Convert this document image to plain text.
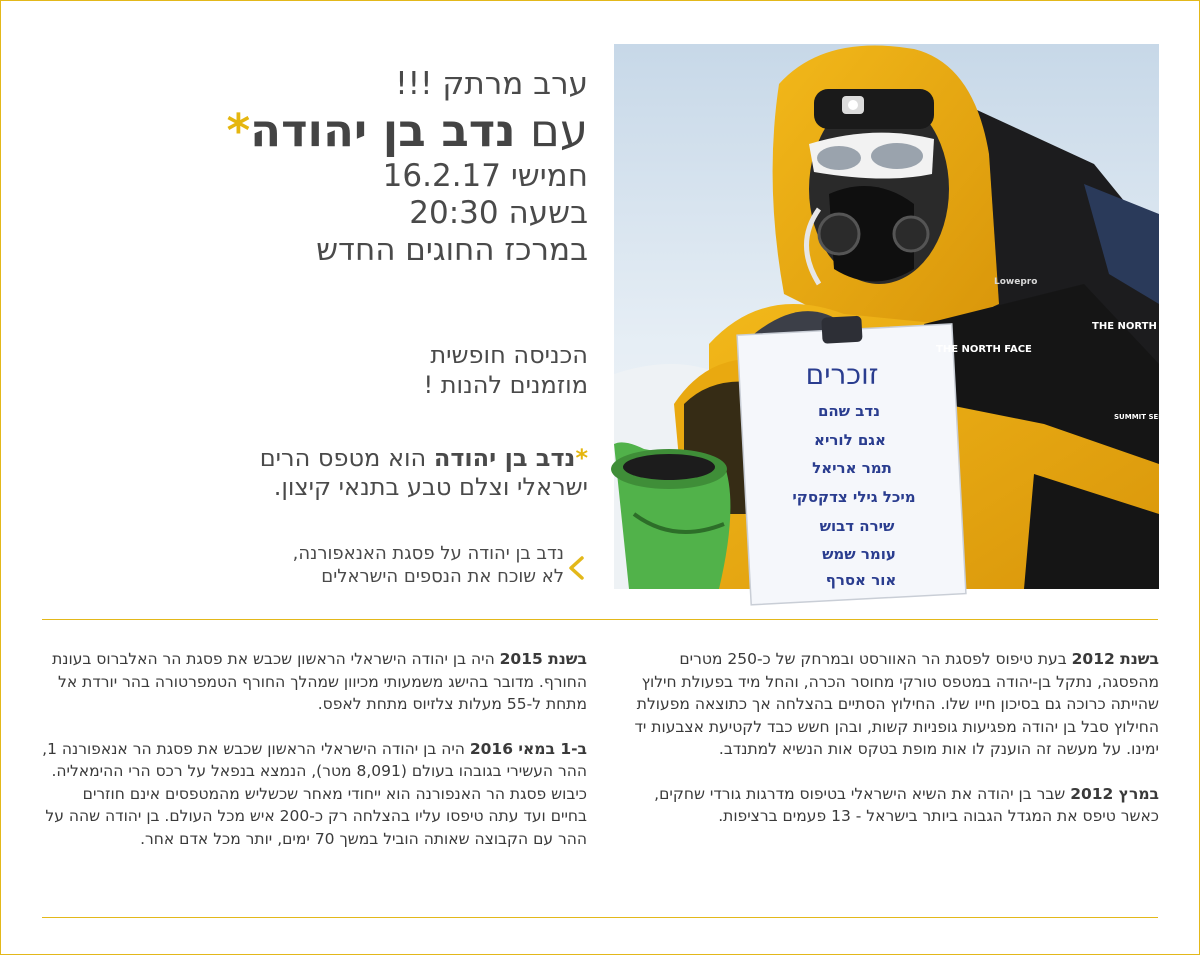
ערב מרתק !!!
עם נדב בן יהודה*
חמישי 16.2.17
בשעה 20:30
במרכז החוגים החדש
הכניסה חופשית
מוזמנים להנות !
*נדב בן יהודה הוא מטפס הרים
ישראלי וצלם טבע בתנאי קיצון.
נדב בן יהודה על פסגת האנאפורנה,
לא שוכח את הנספים הישראלים
זוכרים
נדב שהם
אגם לוריא
תמר אריאל
מיכל גילי צדקסקי
שירה דבוש
עומר שמש
אור אסרף
THE NORTH FACE
THE NORTH FACE
SUMMIT SERIES
Lowepro

בשנת 2012 בעת טיפוס לפסגת הר האוורסט ובמרחק של כ-250 מטרים מהפסגה, נתקל בן-יהודה במטפס טורקי מחוסר הכרה, והחל מיד בפעולת חילוץ שהייתה כרוכה גם בסיכון חייו שלו. החילוץ הסתיים בהצלחה אך כתוצאה מפעולת החילוץ סבל בן יהודה מפגיעות גופניות קשות, ובהן חשש כבד לקטיעת אצבעות יד ימינו. על מעשה זה הוענק לו אות מופת בטקס אות הנשיא למתנדב.

במרץ 2012 שבר בן יהודה את השיא הישראלי בטיפוס מדרגות גורדי שחקים, כאשר טיפס את המגדל הגבוה ביותר בישראל - 13 פעמים ברציפות.

בשנת 2015 היה בן יהודה הישראלי הראשון שכבש את פסגת הר האלברוס בעונת החורף. מדובר בהישג משמעותי מכיוון שמהלך החורף הטמפרטורה בהר יורדת אל מתחת ל-55 מעלות צלזיוס מתחת לאפס.

ב-1 במאי 2016 היה בן יהודה הישראלי הראשון שכבש את פסגת הר אנאפורנה 1, ההר העשירי בגובהו בעולם (8,091 מטר), הנמצא בנפאל על רכס הרי ההימאליה. כיבוש פסגת הר האנפורנה הוא ייחודי מאחר שכשליש מהמטפסים אינם חוזרים בחיים ועד עתה טיפסו עליו בהצלחה רק כ-200 איש מכל העולם. בן יהודה שהה על ההר עם הקבוצה שאותה הוביל במשך 70 ימים, יותר מכל אדם אחר.
